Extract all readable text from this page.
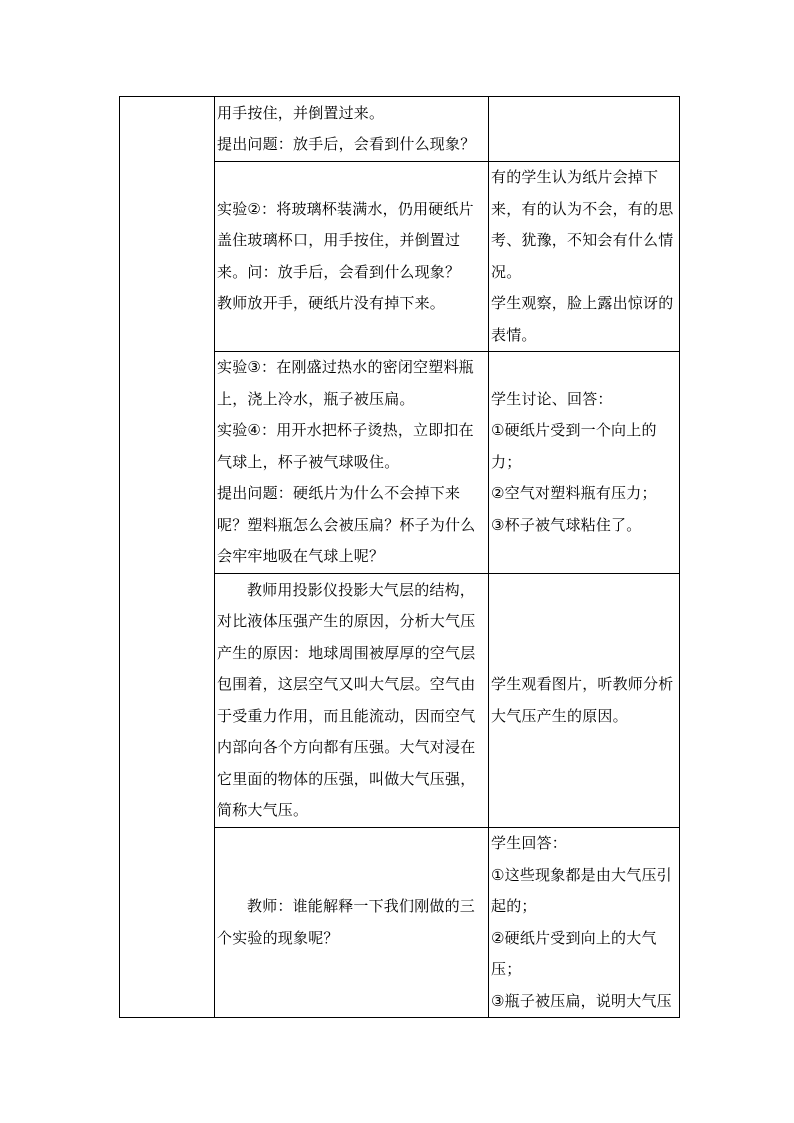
	用手按住，并倒置过来。
提出问题：放手后，会看到什么现象？	

	实验②：将玻璃杯装满水，仍用硬纸片盖住玻璃杯口，用手按住，并倒置过来。问：放手后，会看到什么现象？
教师放开手，硬纸片没有掉下来。	有的学生认为纸片会掉下来，有的认为不会，有的思考、犹豫，不知会有什么情况。
学生观察，脸上露出惊讶的表情。

	实验③：在刚盛过热水的密闭空塑料瓶上，浇上冷水，瓶子被压扁。
实验④：用开水把杯子烫热，立即扣在气球上，杯子被气球吸住。
提出问题：硬纸片为什么不会掉下来呢？塑料瓶怎么会被压扁？杯子为什么会牢牢地吸在气球上呢？	学生讨论、回答：
①硬纸片受到一个向上的力；
②空气对塑料瓶有压力；
③杯子被气球粘住了。

	教师用投影仪投影大气层的结构，对比液体压强产生的原因，分析大气压产生的原因：地球周围被厚厚的空气层包围着，这层空气又叫大气层。空气由于受重力作用，而且能流动，因而空气内部向各个方向都有压强。大气对浸在它里面的物体的压强，叫做大气压强，简称大气压。	学生观看图片，听教师分析大气压产生的原因。

	教师：谁能解释一下我们刚做的三个实验的现象呢？	学生回答：
①这些现象都是由大气压引起的；
②硬纸片受到向上的大气压；
③瓶子被压扁，说明大气压
